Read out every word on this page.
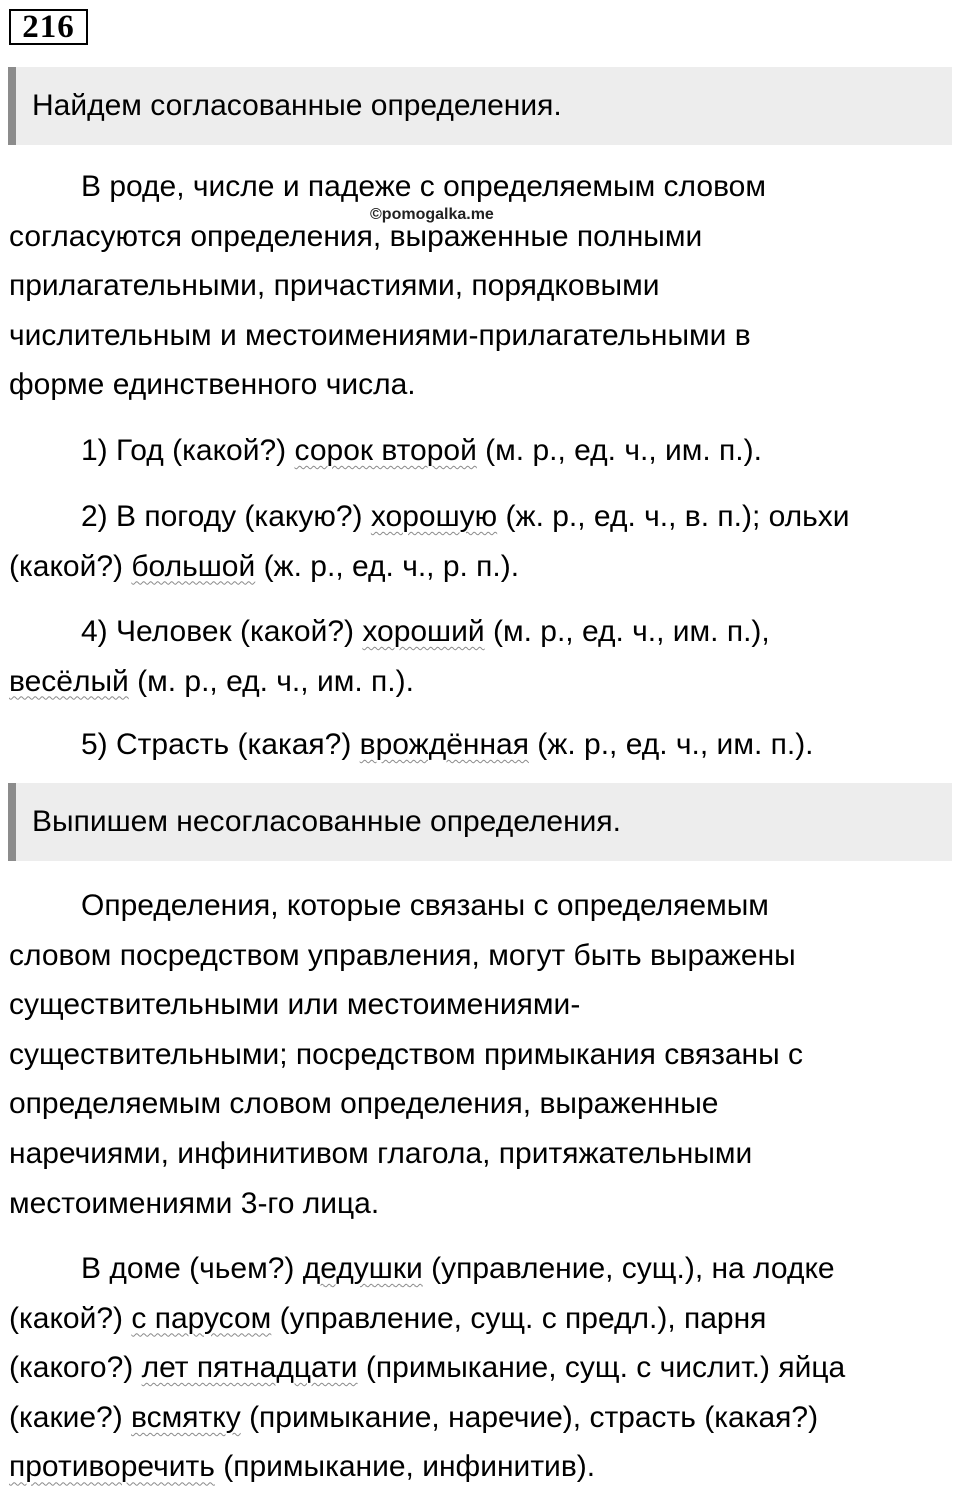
216
Найдем согласованные определения.
В роде, числе и падеже с определяемым словом
согласуются определения, выраженные полными
прилагательными, причастиями, порядковыми
числительным и местоимениями-прилагательными в
форме единственного числа.
©pomogalka.me
1) Год (какой?) сорок второй (м. р., ед. ч., им. п.).
2) В погоду (какую?) хорошую (ж. р., ед. ч., в. п.); ольхи
(какой?) большой (ж. р., ед. ч., р. п.).
4) Человек (какой?) хороший (м. р., ед. ч., им. п.),
весёлый (м. р., ед. ч., им. п.).
5) Страсть (какая?) врождённая (ж. р., ед. ч., им. п.).
Выпишем несогласованные определения.
Определения, которые связаны с определяемым
словом посредством управления, могут быть выражены
существительными или местоимениями-
существительными; посредством примыкания связаны с
определяемым словом определения, выраженные
наречиями, инфинитивом глагола, притяжательными
местоимениями 3-го лица.
В доме (чьем?) дедушки (управление, сущ.), на лодке
(какой?) с парусом (управление, сущ. с предл.), парня
(какого?) лет пятнадцати (примыкание, сущ. с числит.) яйца
(какие?) всмятку (примыкание, наречие), страсть (какая?)
противоречить (примыкание, инфинитив).
